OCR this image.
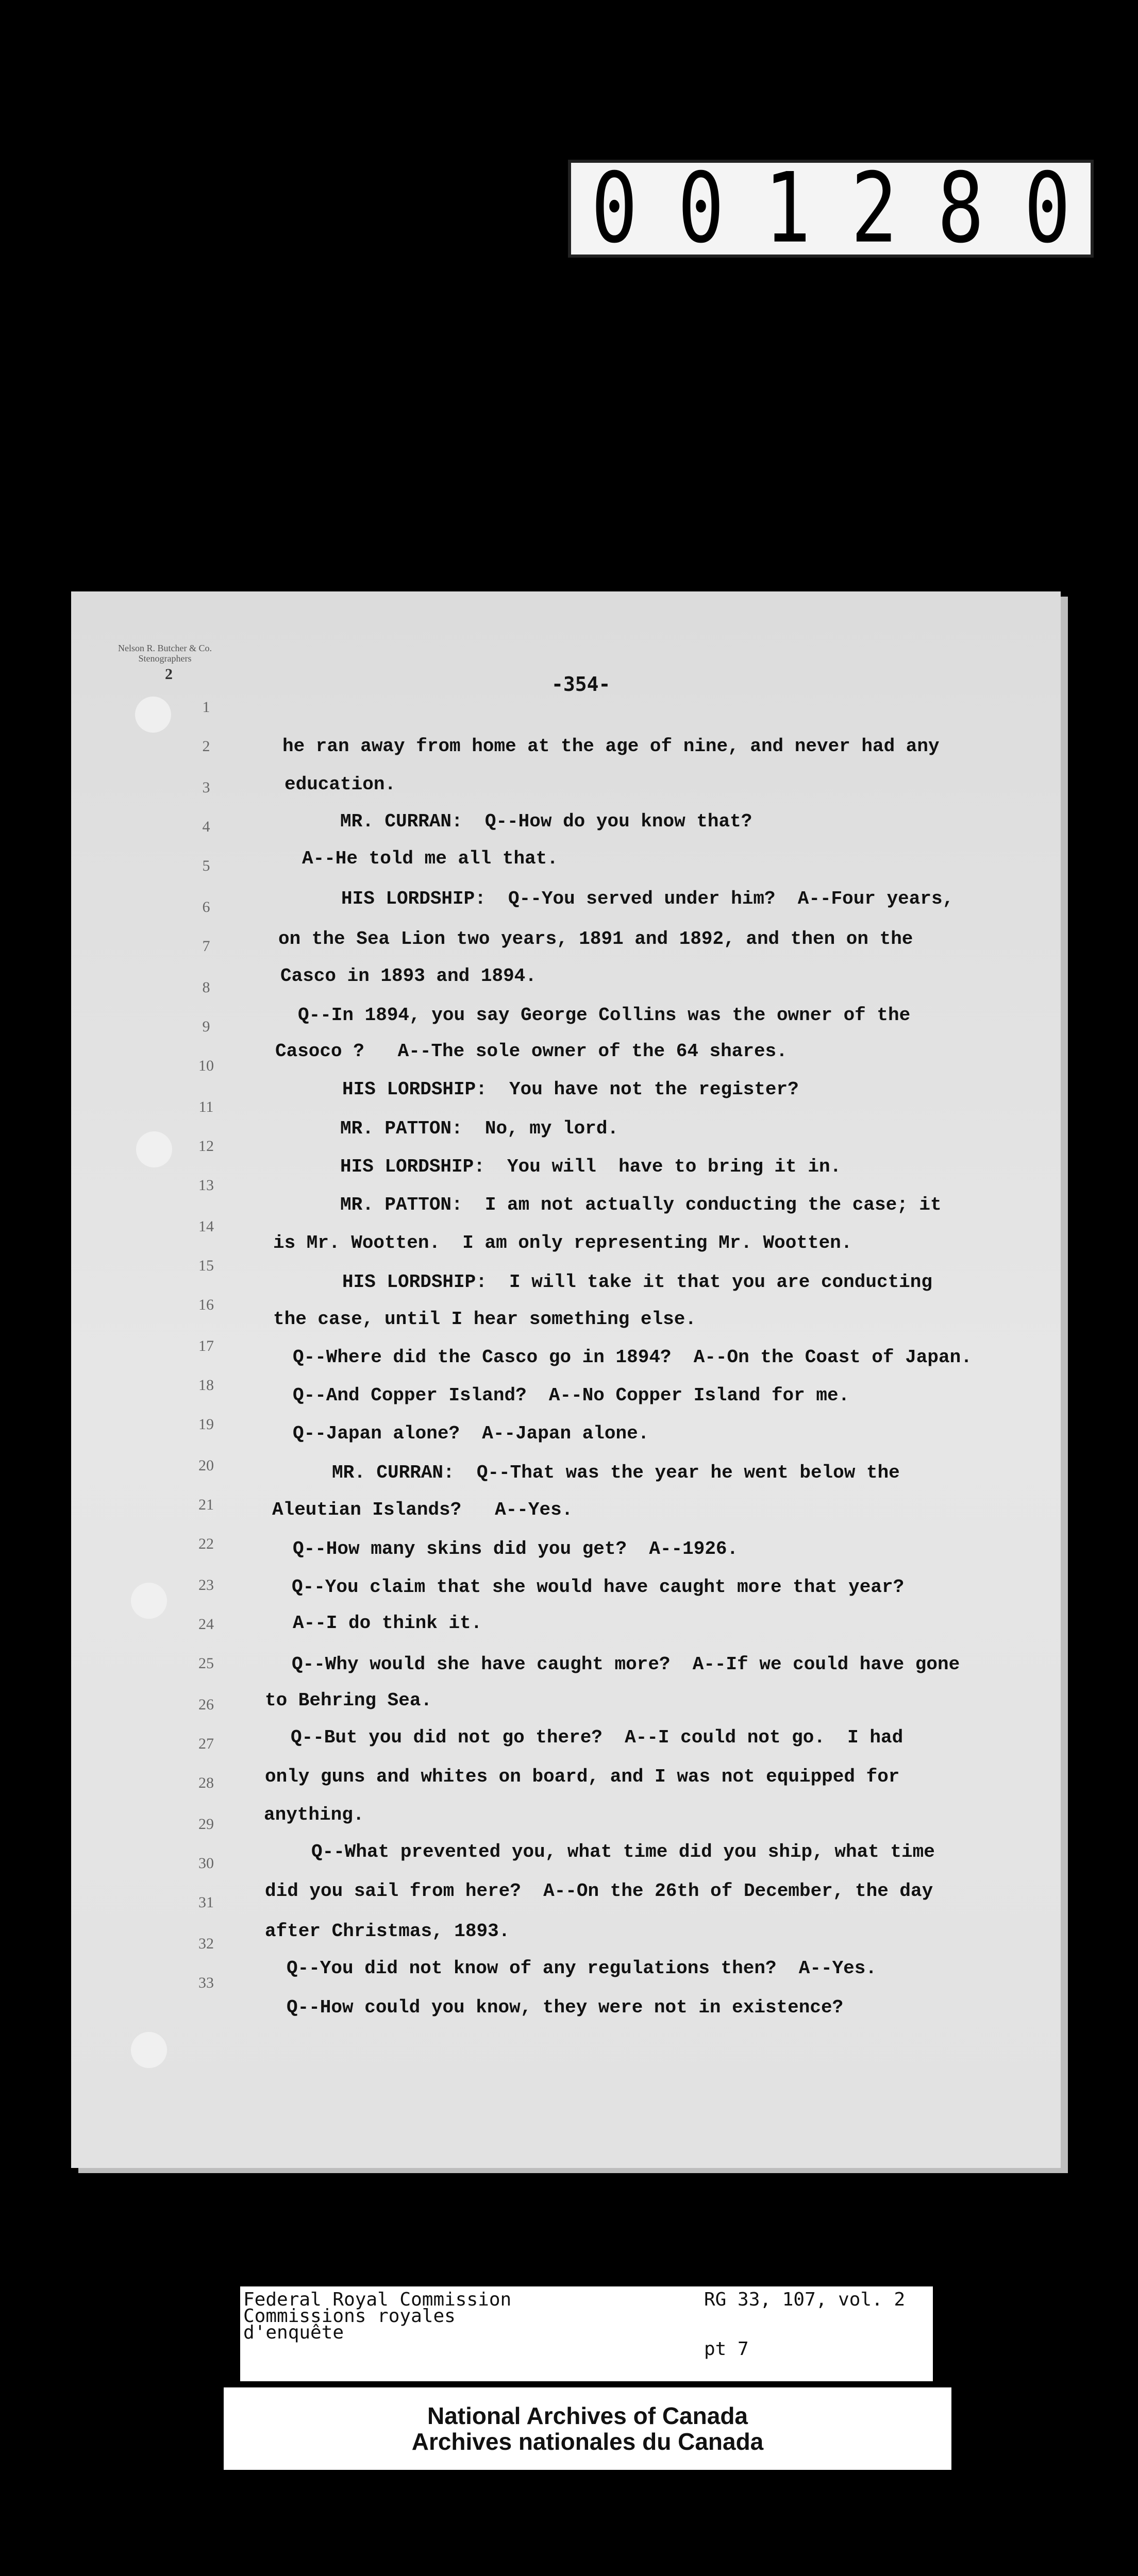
0 0 1 2 8 0
Nelson R. Butcher & Co.
Stenographers
2	-354-
1
2
3
4
5
6
7
8
9
10
11
12
13
14
15
16
17
18
19
20
21
22
23
24
25
26
27
28
29
30
31
32
33
he ran away from home at the age of nine, and never had any
education.
MR. CURRAN:  Q--How do you know that?
A--He told me all that.
HIS LORDSHIP:  Q--You served under him?  A--Four years,
on the Sea Lion two years, 1891 and 1892, and then on the
Casco in 1893 and 1894.
Q--In 1894, you say George Collins was the owner of the
Casoco ?   A--The sole owner of the 64 shares.
HIS LORDSHIP:  You have not the register?
MR. PATTON:  No, my lord.
HIS LORDSHIP:  You will  have to bring it in.
MR. PATTON:  I am not actually conducting the case; it
is Mr. Wootten.  I am only representing Mr. Wootten.
HIS LORDSHIP:  I will take it that you are conducting
the case, until I hear something else.
Q--Where did the Casco go in 1894?  A--On the Coast of Japan.
Q--And Copper Island?  A--No Copper Island for me.
Q--Japan alone?  A--Japan alone.
MR. CURRAN:  Q--That was the year he went below the
Aleutian Islands?   A--Yes.
Q--How many skins did you get?  A--1926.
Q--You claim that she would have caught more that year?
A--I do think it.
Q--Why would she have caught more?  A--If we could have gone
to Behring Sea.
Q--But you did not go there?  A--I could not go.  I had
only guns and whites on board, and I was not equipped for
anything.
Q--What prevented you, what time did you ship, what time
did you sail from here?  A--On the 26th of December, the day
after Christmas, 1893.
Q--You did not know of any regulations then?  A--Yes.
Q--How could you know, they were not in existence?
Federal Royal Commission
Commissions royales
d'enquête
RG 33, 107, vol. 2
pt 7
National Archives of Canada
Archives nationales du Canada
